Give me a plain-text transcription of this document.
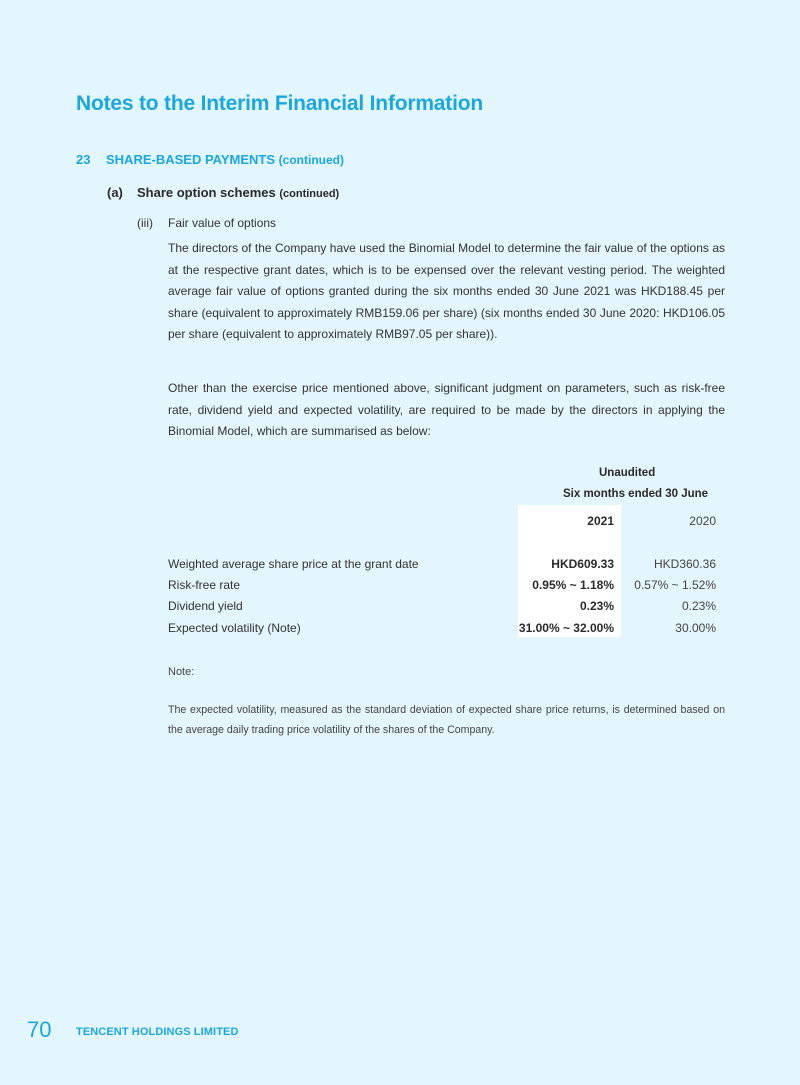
Notes to the Interim Financial Information
23 SHARE-BASED PAYMENTS (continued)
(a) Share option schemes (continued)
(iii) Fair value of options

The directors of the Company have used the Binomial Model to determine the fair value of the options as at the respective grant dates, which is to be expensed over the relevant vesting period. The weighted average fair value of options granted during the six months ended 30 June 2021 was HKD188.45 per share (equivalent to approximately RMB159.06 per share) (six months ended 30 June 2020: HKD106.05 per share (equivalent to approximately RMB97.05 per share)).

Other than the exercise price mentioned above, significant judgment on parameters, such as risk-free rate, dividend yield and expected volatility, are required to be made by the directors in applying the Binomial Model, which are summarised as below:

Unaudited
Six months ended 30 June
2021	2020
Weighted average share price at the grant date	HKD609.33	HKD360.36
Risk-free rate	0.95% ~ 1.18%	0.57% ~ 1.52%
Dividend yield	0.23%	0.23%
Expected volatility (Note)	31.00% ~ 32.00%	30.00%
Note:

The expected volatility, measured as the standard deviation of expected share price returns, is determined based on the average daily trading price volatility of the shares of the Company.

70 TENCENT HOLDINGS LIMITED
